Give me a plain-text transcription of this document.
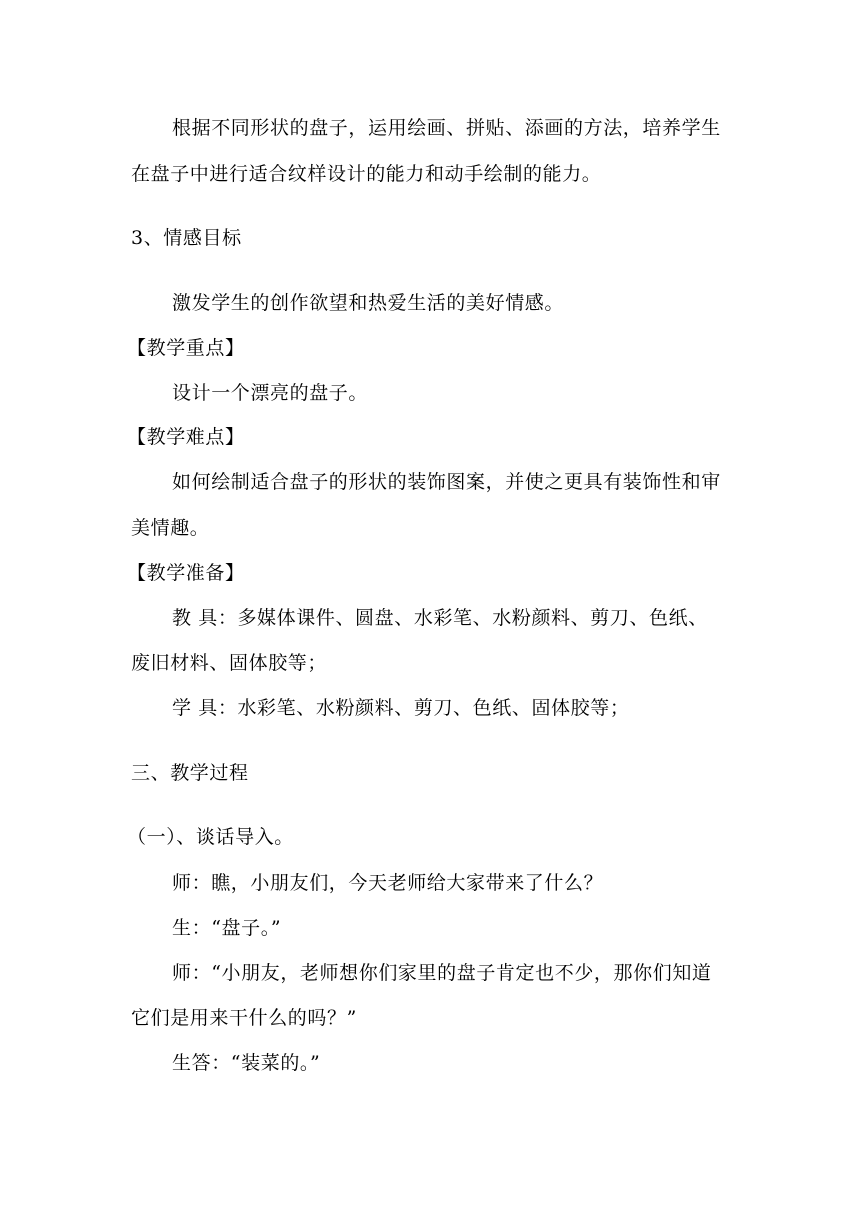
根据不同形状的盘子，运用绘画、拼贴、添画的方法，培养学生
在盘子中进行适合纹样设计的能力和动手绘制的能力。
3、情感目标
激发学生的创作欲望和热爱生活的美好情感。
【教学重点】
设计一个漂亮的盘子。
【教学难点】
如何绘制适合盘子的形状的装饰图案，并使之更具有装饰性和审
美情趣。
【教学准备】
教 具：多媒体课件、圆盘、水彩笔、水粉颜料、剪刀、色纸、
废旧材料、固体胶等；
学 具：水彩笔、水粉颜料、剪刀、色纸、固体胶等；
三、教学过程
（一）、谈话导入。
师：瞧，小朋友们，今天老师给大家带来了什么？
生：“盘子。”
师：“小朋友，老师想你们家里的盘子肯定也不少，那你们知道
它们是用来干什么的吗？”
生答：“装菜的。”
